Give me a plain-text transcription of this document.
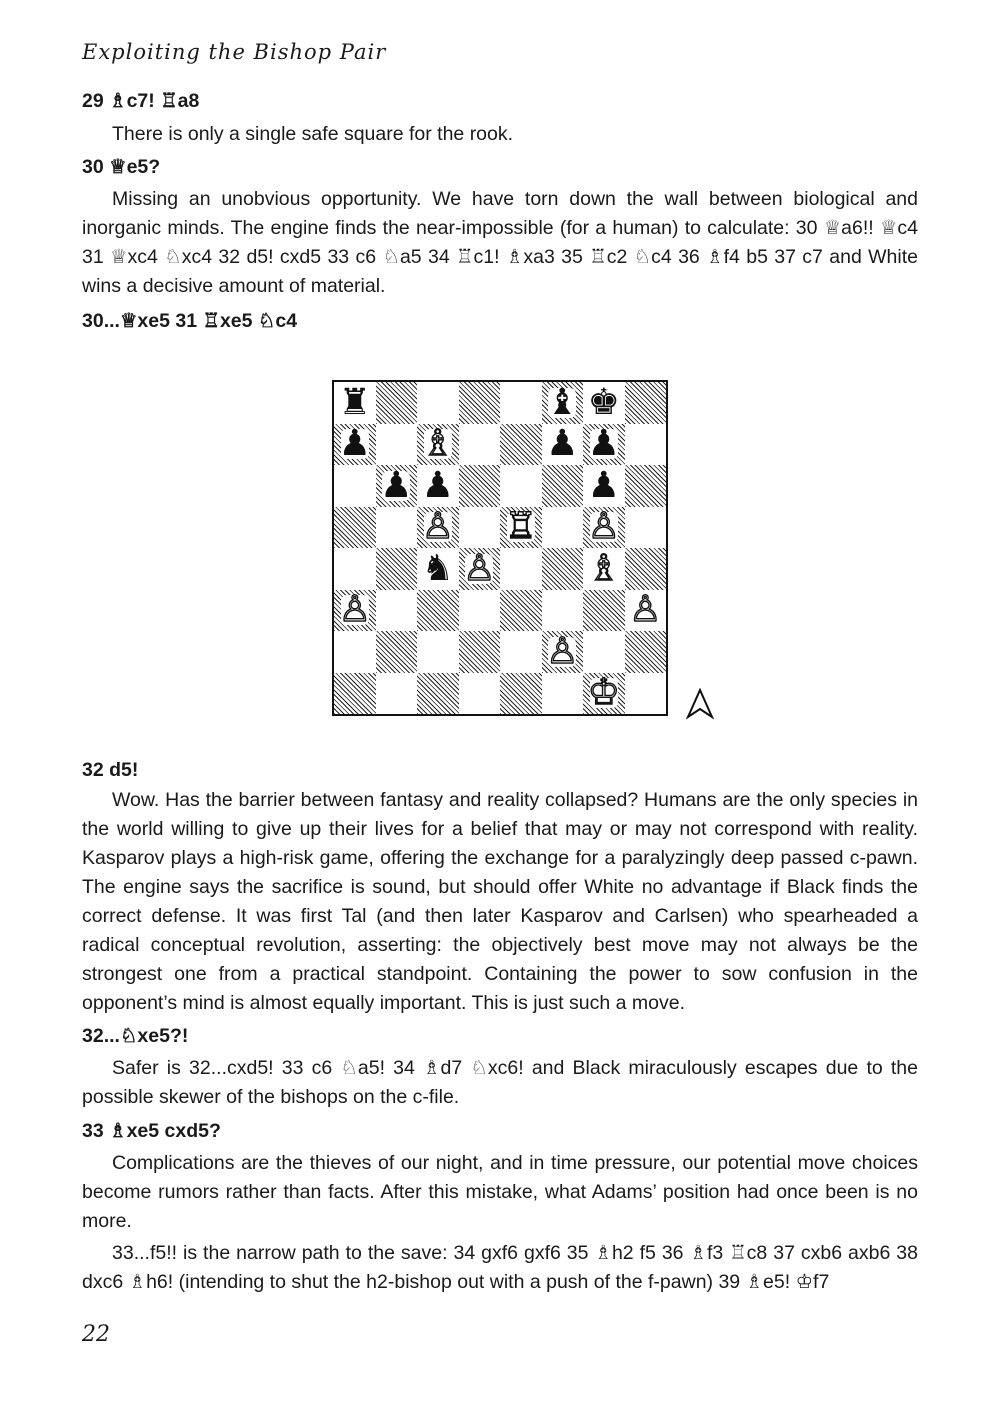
Exploiting the Bishop Pair
29 ♗c7! ♖a8
There is only a single safe square for the rook.
30 ♕e5?
Missing an unobvious opportunity. We have torn down the wall between biological and inorganic minds. The engine finds the near-impossible (for a human) to calculate: 30 ♕a6!! ♕c4 31 ♕xc4 ♘xc4 32 d5! cxd5 33 c6 ♘a5 34 ♖c1! ♗xa3 35 ♖c2 ♘c4 36 ♗f4 b5 37 c7 and White wins a decisive amount of material.
30...♕xe5 31 ♖xe5 ♘c4
♜	♝ ♚
♟ ♗	♟ ♟
♟ ♟	♟
♙ ♖ ♙
♞ ♙	♗
♙	♙
♙
♔
32 d5!
Wow. Has the barrier between fantasy and reality collapsed? Humans are the only species in the world willing to give up their lives for a belief that may or may not correspond with reality. Kasparov plays a high-risk game, offering the exchange for a paralyzingly deep passed c-pawn. The engine says the sacrifice is sound, but should offer White no advantage if Black finds the correct defense. It was first Tal (and then later Kasparov and Carlsen) who spearheaded a radical conceptual revolution, asserting: the objectively best move may not always be the strongest one from a practical standpoint. Containing the power to sow confusion in the opponent’s mind is almost equally important. This is just such a move.
32...♘xe5?!
Safer is 32...cxd5! 33 c6 ♘a5! 34 ♗d7 ♘xc6! and Black miraculously escapes due to the possible skewer of the bishops on the c-file.
33 ♗xe5 cxd5?
Complications are the thieves of our night, and in time pressure, our potential move choices become rumors rather than facts. After this mistake, what Adams’ position had once been is no more.
33...f5!! is the narrow path to the save: 34 gxf6 gxf6 35 ♗h2 f5 36 ♗f3 ♖c8 37 cxb6 axb6 38 dxc6 ♗h6! (intending to shut the h2-bishop out with a push of the f-pawn) 39 ♗e5! ♔f7
22
